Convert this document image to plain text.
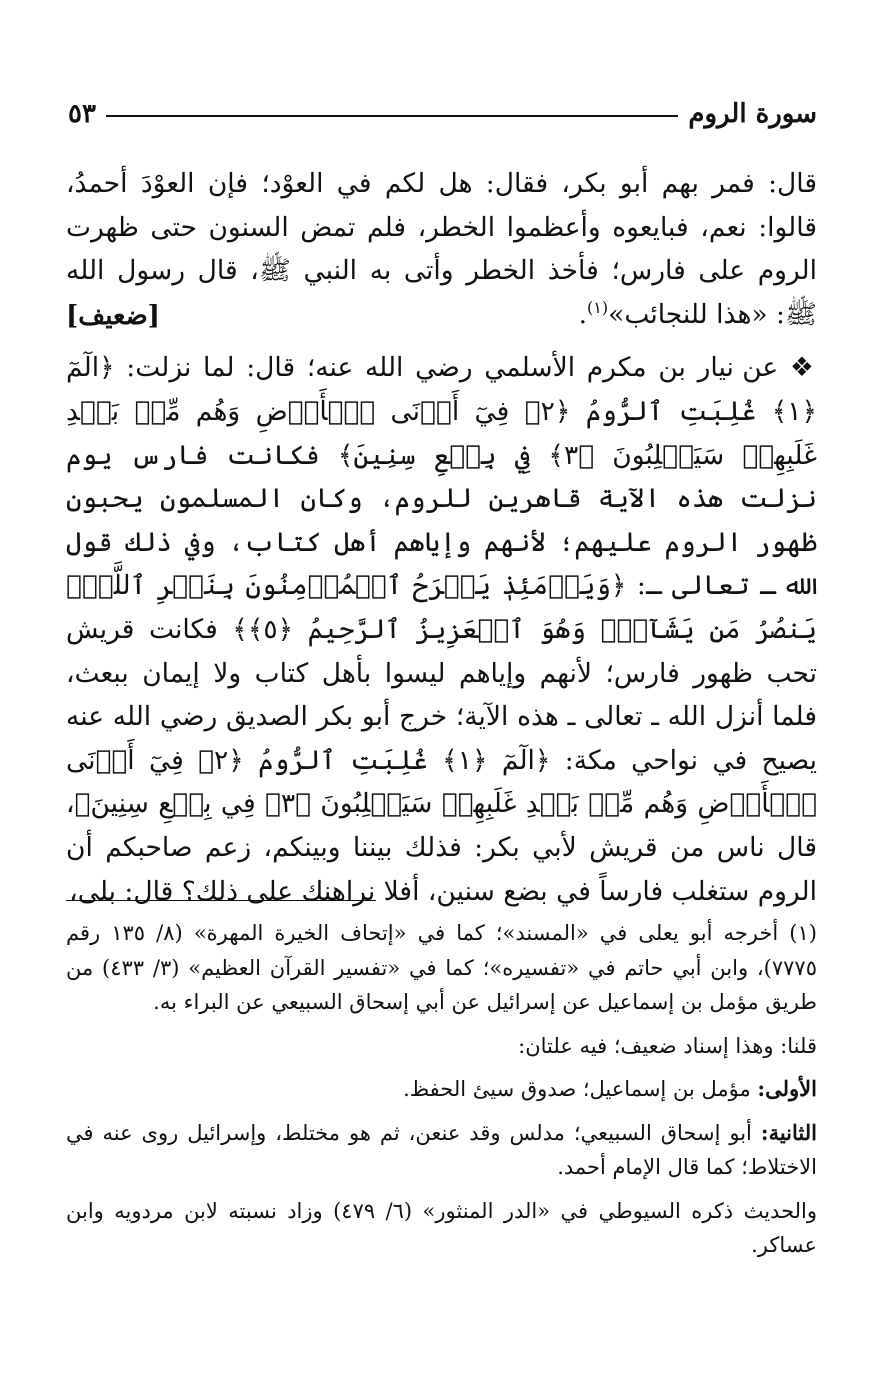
سورة الروم
٥٣

قال: فمر بهم أبو بكر، فقال: هل لكم في العوْد؛ فإن العوْدَ أحمدُ، قالوا: نعم، فبايعوه وأعظموا الخطر، فلم تمض السنون حتى ظهرت الروم على فارس؛ فأخذ الخطر وأتى به النبي ﷺ، قال رسول الله ﷺ: «هذا للنجائب»$^{(١)}$.
[ضعيف]

❖ عن نيار بن مكرم الأسلمي رضي الله عنه؛ قال: لما نزلت: ﴿الٓمٓ ﴿١﴾ غُلِبَتِ ٱلرُّومُ ﴿٢﴾ فِيٓ أَدۡنَى ٱلۡأَرۡضِ وَهُم مِّنۢ بَعۡدِ غَلَبِهِمۡ سَيَغۡلِبُونَ ﴿٣﴾ فِي بِضۡعِ سِنِينَ﴾ فكانت فارس يوم نزلت هذه الآية قاهرين للروم، وكان المسلمون يحبون ظهور الروم عليهم؛ لأنهم وإياهم أهل كتاب، وفي ذلك قول الله ـ تعالى ـ: ﴿وَيَوۡمَئِذٖ يَفۡرَحُ ٱلۡمُؤۡمِنُونَ بِنَصۡرِ ٱللَّهِۚ يَنصُرُ مَن يَشَآءُۖ وَهُوَ ٱلۡعَزِيزُ ٱلرَّحِيمُ ﴿٥﴾﴾ فكانت قريش تحب ظهور فارس؛ لأنهم وإياهم ليسوا بأهل كتاب ولا إيمان ببعث، فلما أنزل الله ـ تعالى ـ هذه الآية؛ خرج أبو بكر الصديق رضي الله عنه يصيح في نواحي مكة: ﴿الٓمٓ ﴿١﴾ غُلِبَتِ ٱلرُّومُ ﴿٢﴾ فِيٓ أَدۡنَى ٱلۡأَرۡضِ وَهُم مِّنۢ بَعۡدِ غَلَبِهِمۡ سَيَغۡلِبُونَ ﴿٣﴾ فِي بِضۡعِ سِنِينَ﴾، قال ناس من قريش لأبي بكر: فذلك بيننا وبينكم، زعم صاحبكم أن الروم ستغلب فارساً في بضع سنين، أفلا نراهنك على ذلك؟ قال: بلى،

(١) أخرجه أبو يعلى في «المسند»؛ كما في «إتحاف الخيرة المهرة» (٨/ ١٣٥ رقم ٧٧٧٥)، وابن أبي حاتم في «تفسيره»؛ كما في «تفسير القرآن العظيم» (٣/ ٤٣٣) من طريق مؤمل بن إسماعيل عن إسرائيل عن أبي إسحاق السبيعي عن البراء به.

قلنا: وهذا إسناد ضعيف؛ فيه علتان:

الأولى: مؤمل بن إسماعيل؛ صدوق سيئ الحفظ.

الثانية: أبو إسحاق السبيعي؛ مدلس وقد عنعن، ثم هو مختلط، وإسرائيل روى عنه في الاختلاط؛ كما قال الإمام أحمد.

والحديث ذكره السيوطي في «الدر المنثور» (٦/ ٤٧٩) وزاد نسبته لابن مردويه وابن عساكر.
